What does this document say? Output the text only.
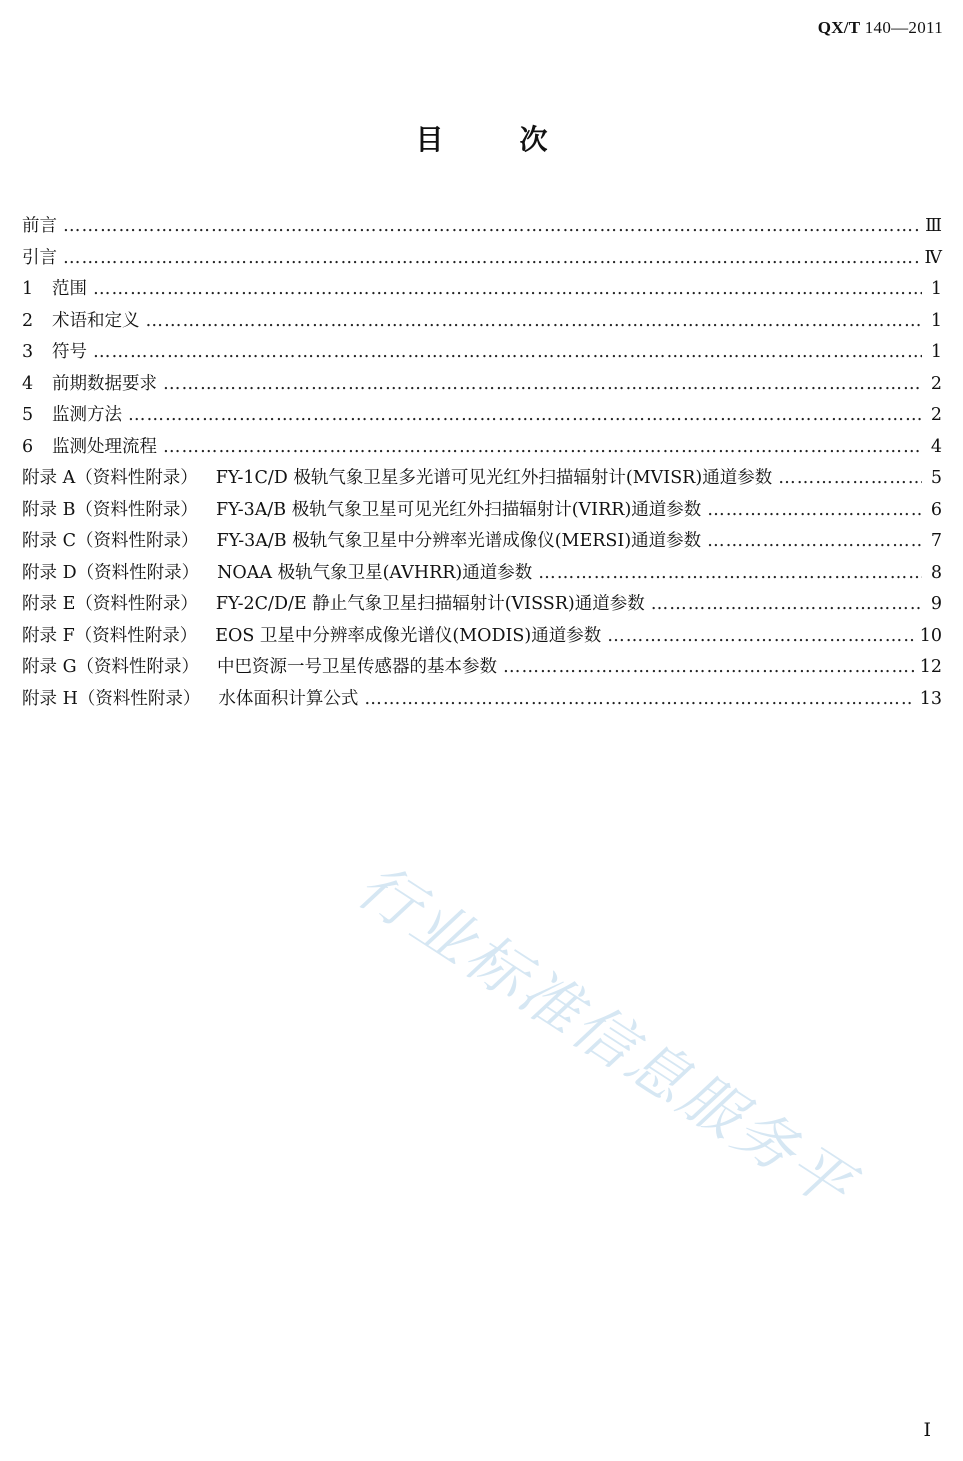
QX/T 140—2011
目	次
前言 ……………………………………………………………………………………………………………………………………………………………………………………………………………………	Ⅲ
引言 ……………………………………………………………………………………………………………………………………………………………………………………………………………………	Ⅳ
1	范围 ……………………………………………………………………………………………………………………………………………………………………………………………………………………	1
2	术语和定义 ……………………………………………………………………………………………………………………………………………………………………………………………………………………	1
3	符号 ……………………………………………………………………………………………………………………………………………………………………………………………………………………	1
4	前期数据要求 ……………………………………………………………………………………………………………………………………………………………………………………………………………………	2
5	监测方法 ……………………………………………………………………………………………………………………………………………………………………………………………………………………	2
6	监测处理流程 ……………………………………………………………………………………………………………………………………………………………………………………………………………………	4
附录 A（资料性附录） FY-1C/D 极轨气象卫星多光谱可见光红外扫描辐射计(MVISR)通道参数 ……………………………………………………………………………………………………………………………………………………………………………………………………………………	5
附录 B（资料性附录） FY-3A/B 极轨气象卫星可见光红外扫描辐射计(VIRR)通道参数 ……………………………………………………………………………………………………………………………………………………………………………………………………………………	6
附录 C（资料性附录） FY-3A/B 极轨气象卫星中分辨率光谱成像仪(MERSI)通道参数 ……………………………………………………………………………………………………………………………………………………………………………………………………………………	7
附录 D（资料性附录） NOAA 极轨气象卫星(AVHRR)通道参数 ……………………………………………………………………………………………………………………………………………………………………………………………………………………	8
附录 E（资料性附录） FY-2C/D/E 静止气象卫星扫描辐射计(VISSR)通道参数 ……………………………………………………………………………………………………………………………………………………………………………………………………………………	9
附录 F（资料性附录） EOS 卫星中分辨率成像光谱仪(MODIS)通道参数 ……………………………………………………………………………………………………………………………………………………………………………………………………………………	10
附录 G（资料性附录） 中巴资源一号卫星传感器的基本参数 ……………………………………………………………………………………………………………………………………………………………………………………………………………………	12
附录 H（资料性附录） 水体面积计算公式 ……………………………………………………………………………………………………………………………………………………………………………………………………………………	13
行业标准信息服务平
I
